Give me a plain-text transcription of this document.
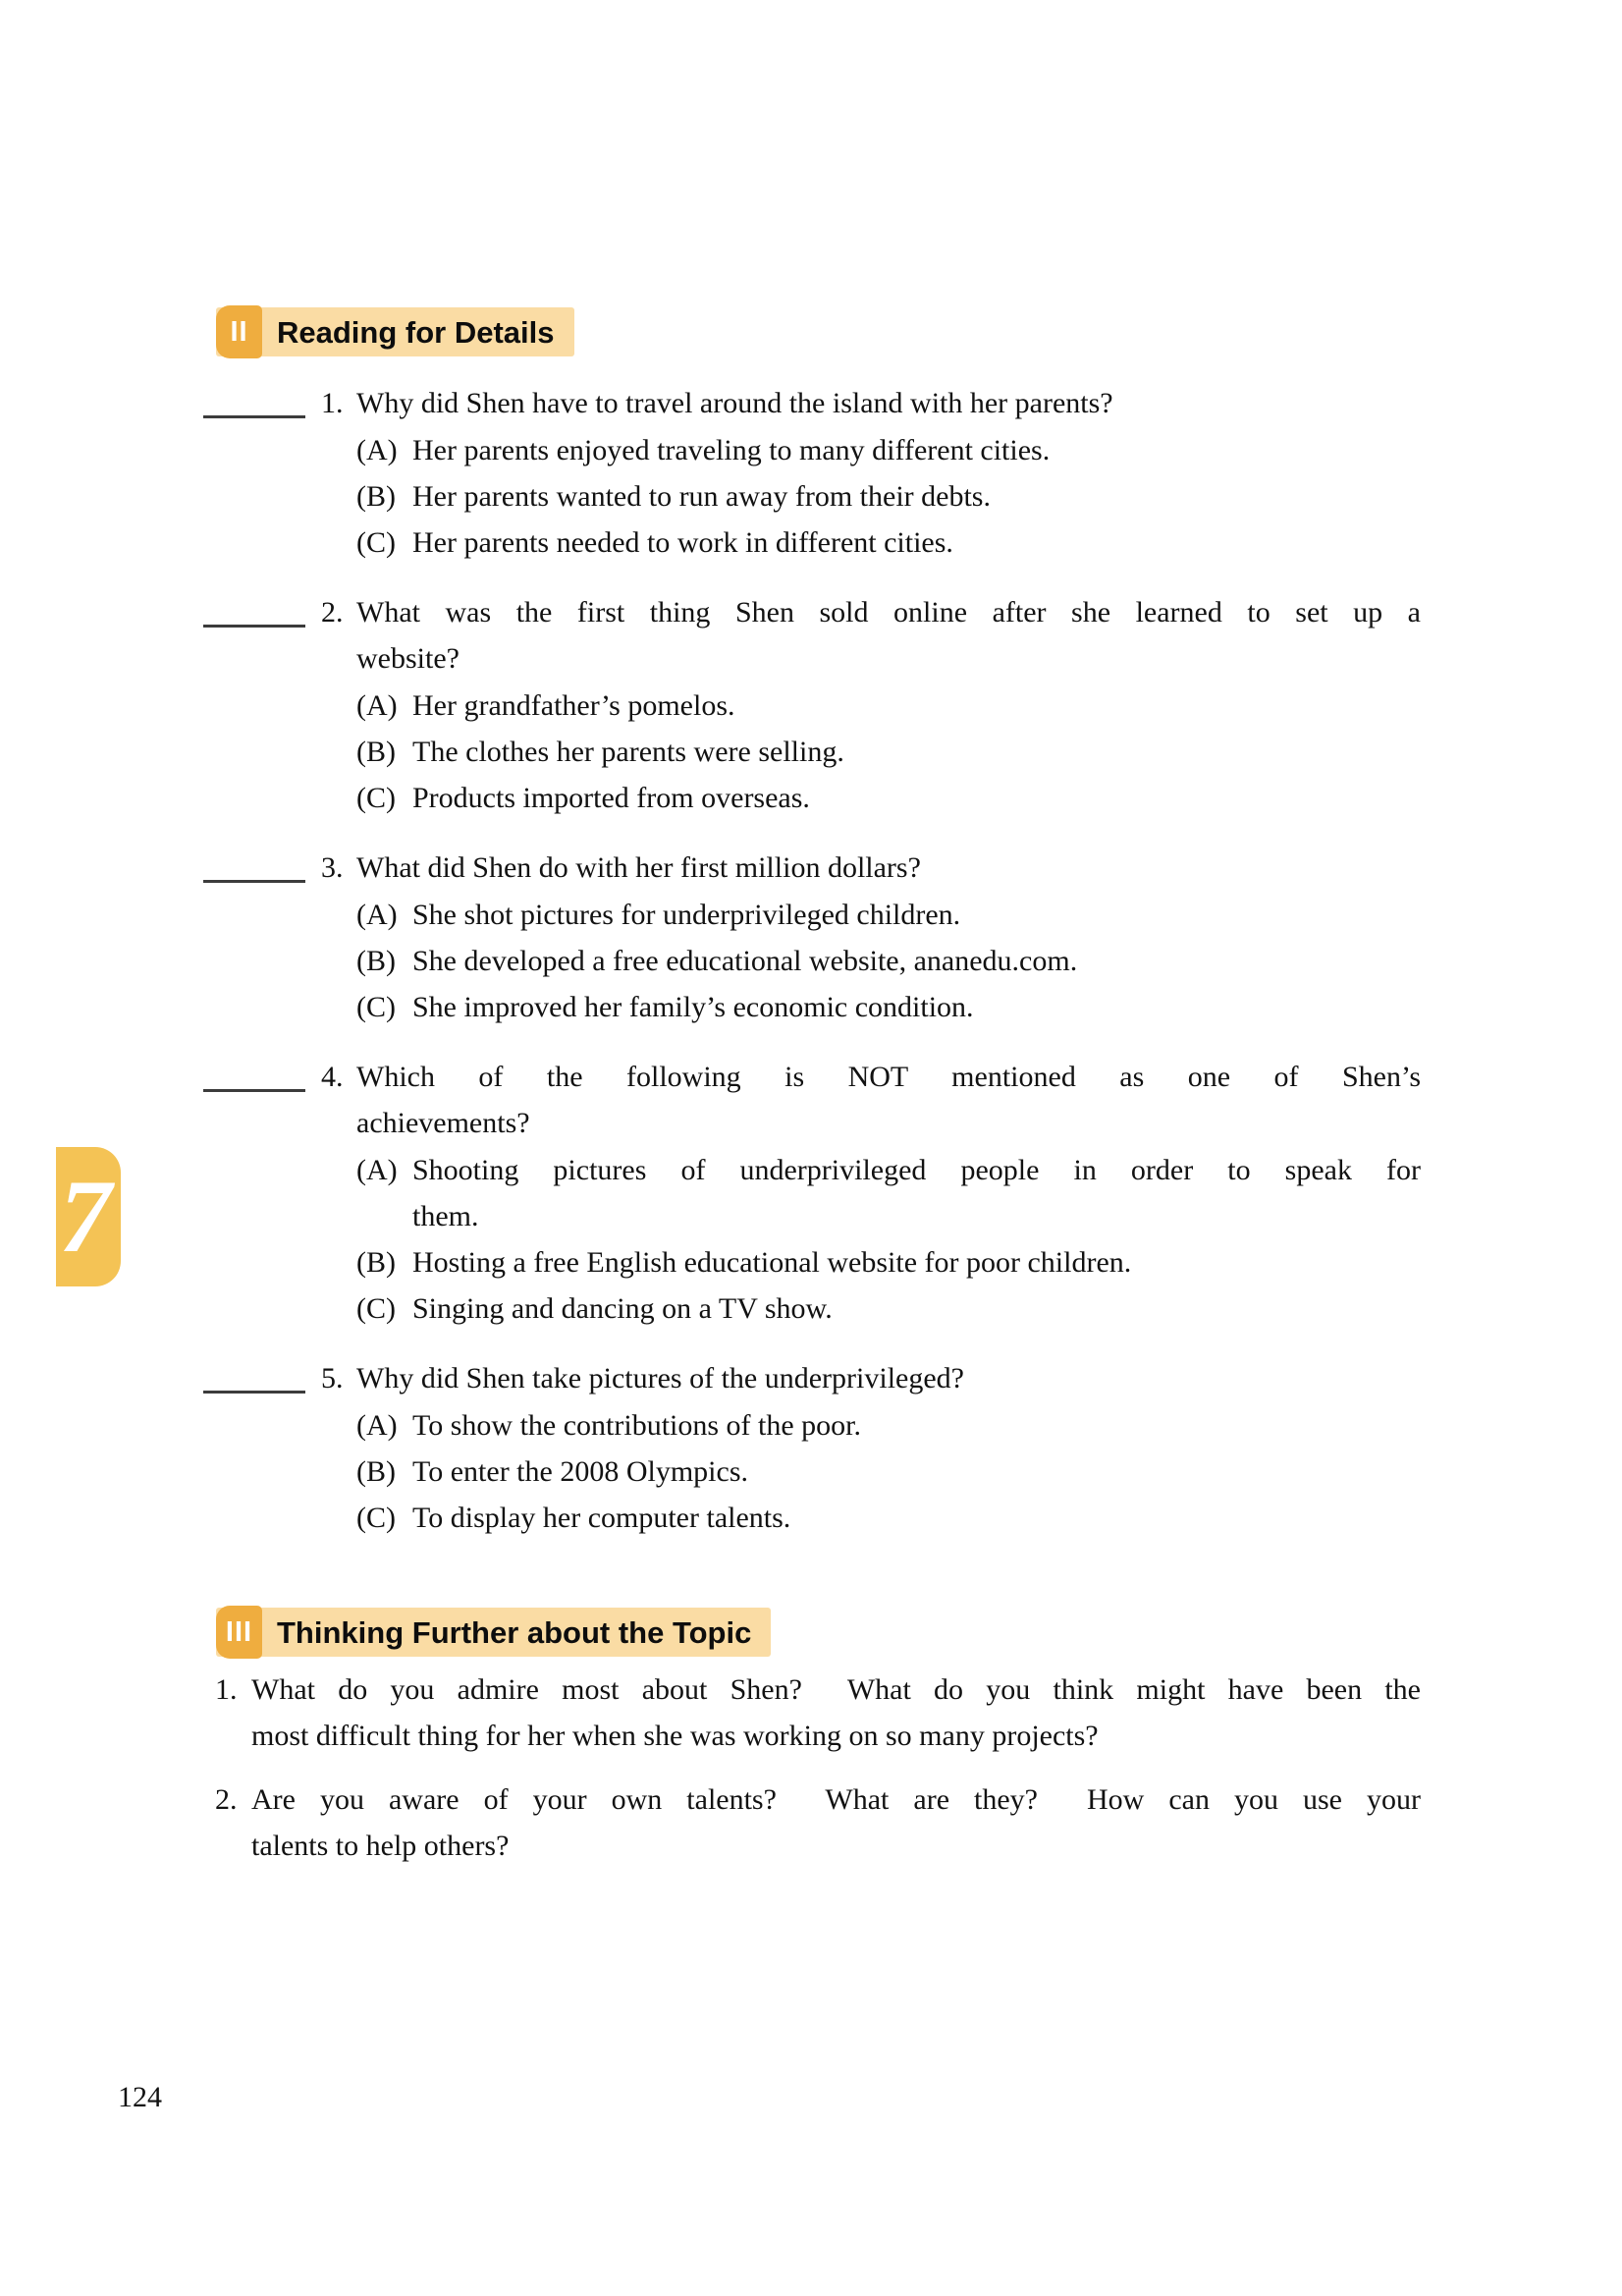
7
II Reading for Details
1. Why did Shen have to travel around the island with her parents?
(A) Her parents enjoyed traveling to many different cities.
(B) Her parents wanted to run away from their debts.
(C) Her parents needed to work in different cities.
2. What was the first thing Shen sold online after she learned to set up a
website?
(A) Her grandfather’s pomelos.
(B) The clothes her parents were selling.
(C) Products imported from overseas.
3. What did Shen do with her first million dollars?
(A) She shot pictures for underprivileged children.
(B) She developed a free educational website, ananedu.com.
(C) She improved her family’s economic condition.
4. Which of the following is NOT mentioned as one of Shen’s
achievements?
(A) Shooting pictures of underprivileged people in order to speak for
them.
(B) Hosting a free English educational website for poor children.
(C) Singing and dancing on a TV show.
5. Why did Shen take pictures of the underprivileged?
(A) To show the contributions of the poor.
(B) To enter the 2008 Olympics.
(C) To display her computer talents.
III Thinking Further about the Topic
1. What do you admire most about Shen?  What do you think might have been the
most difficult thing for her when she was working on so many projects?
2. Are you aware of your own talents?  What are they?  How can you use your
talents to help others?
124
